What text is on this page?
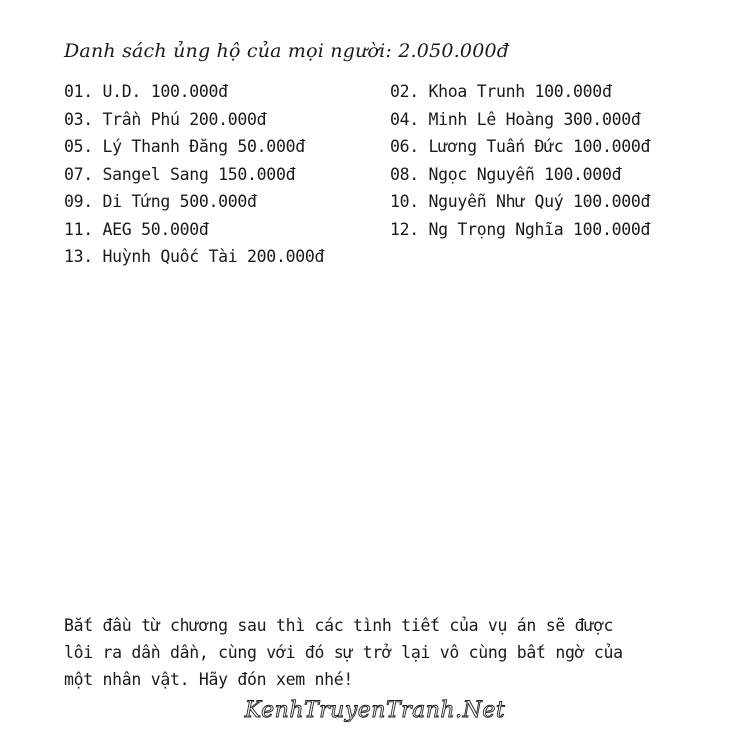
Danh sách ủng hộ của mọi người: 2.050.000đ
01. U.D. 100.000đ	02. Khoa Trunh 100.000đ
03. Trần Phú 200.000đ	04. Minh Lê Hoàng 300.000đ
05. Lý Thanh Đăng 50.000đ	06. Lương Tuấn Đức 100.000đ
07. Sangel Sang 150.000đ	08. Ngọc Nguyễn 100.000đ
09. Di Tứng 500.000đ	10. Nguyễn Như Quý 100.000đ
11. AEG 50.000đ	12. Ng Trọng Nghĩa 100.000đ
13. Huỳnh Quốc Tài 200.000đ
Bắt đầu từ chương sau thì các tình tiết của vụ án sẽ được
lôi ra dần dần, cùng với đó sự trở lại vô cùng bất ngờ của
một nhân vật. Hãy đón xem nhé!
KenhTruyenTranh.Net
